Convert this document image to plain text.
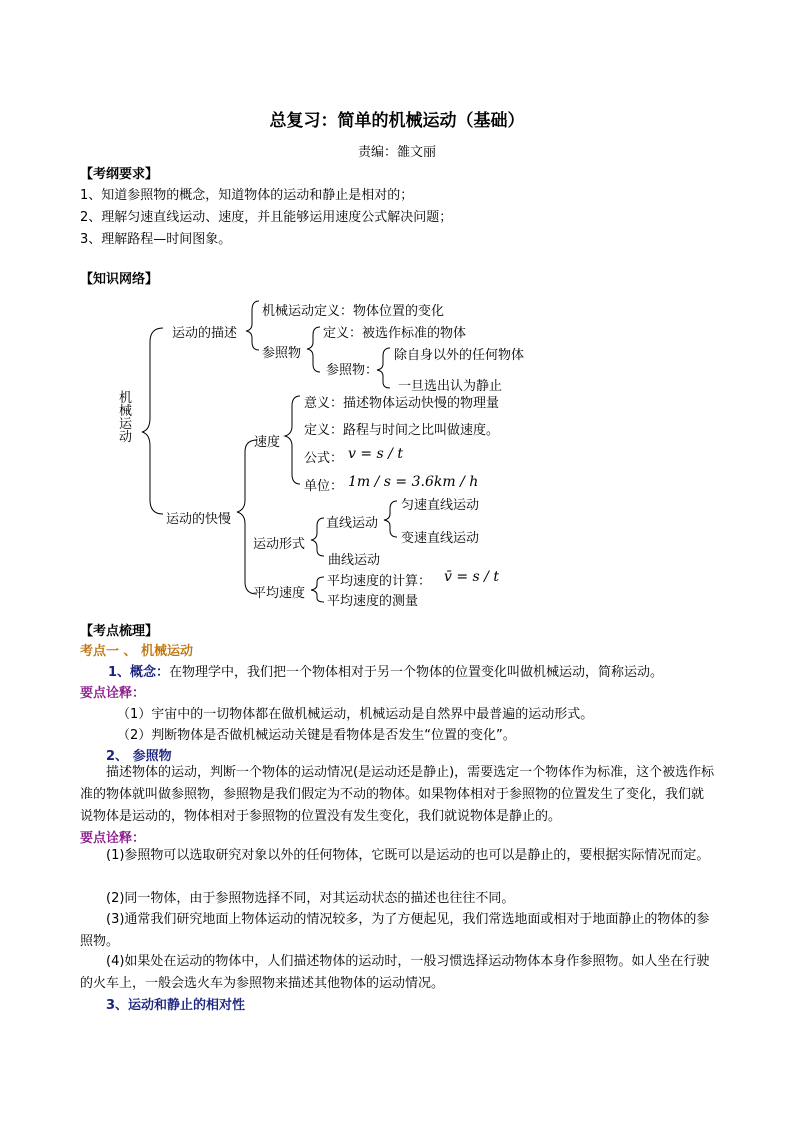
总复习：简单的机械运动（基础）
责编：雒文丽
【考纲要求】
1、知道参照物的概念，知道物体的运动和静止是相对的；
2、理解匀速直线运动、速度，并且能够运用速度公式解决问题；
3、理解路程—时间图象。
【知识网络】
机械运动
运动的描述
机械运动定义：物体位置的变化
参照物
定义：被选作标准的物体
参照物：
除自身以外的任何物体
一旦选出认为静止
运动的快慢
速度
意义：描述物体运动快慢的物理量
定义：路程与时间之比叫做速度。
公式： v = s / t
单位： 1m / s = 3.6km / h
运动形式
直线运动
匀速直线运动
变速直线运动
曲线运动
平均速度
平均速度的计算： v̄ = s / t
平均速度的测量
【考点梳理】
考点一 、 机械运动
1、概念：在物理学中，我们把一个物体相对于另一个物体的位置变化叫做机械运动，简称运动。
要点诠释：
（1）宇宙中的一切物体都在做机械运动，机械运动是自然界中最普遍的运动形式。
（2）判断物体是否做机械运动关键是看物体是否发生“位置的变化”。
2、 参照物
描述物体的运动，判断一个物体的运动情况(是运动还是静止)，需要选定一个物体作为标准，这个被选作标准的物体就叫做参照物，参照物是我们假定为不动的物体。如果物体相对于参照物的位置发生了变化，我们就说物体是运动的，物体相对于参照物的位置没有发生变化，我们就说物体是静止的。
要点诠释：
(1)参照物可以选取研究对象以外的任何物体，它既可以是运动的也可以是静止的，要根据实际情况而定。
(2)同一物体，由于参照物选择不同，对其运动状态的描述也往往不同。
(3)通常我们研究地面上物体运动的情况较多，为了方便起见，我们常选地面或相对于地面静止的物体的参照物。
(4)如果处在运动的物体中，人们描述物体的运动时，一般习惯选择运动物体本身作参照物。如人坐在行驶的火车上，一般会选火车为参照物来描述其他物体的运动情况。
3、运动和静止的相对性
